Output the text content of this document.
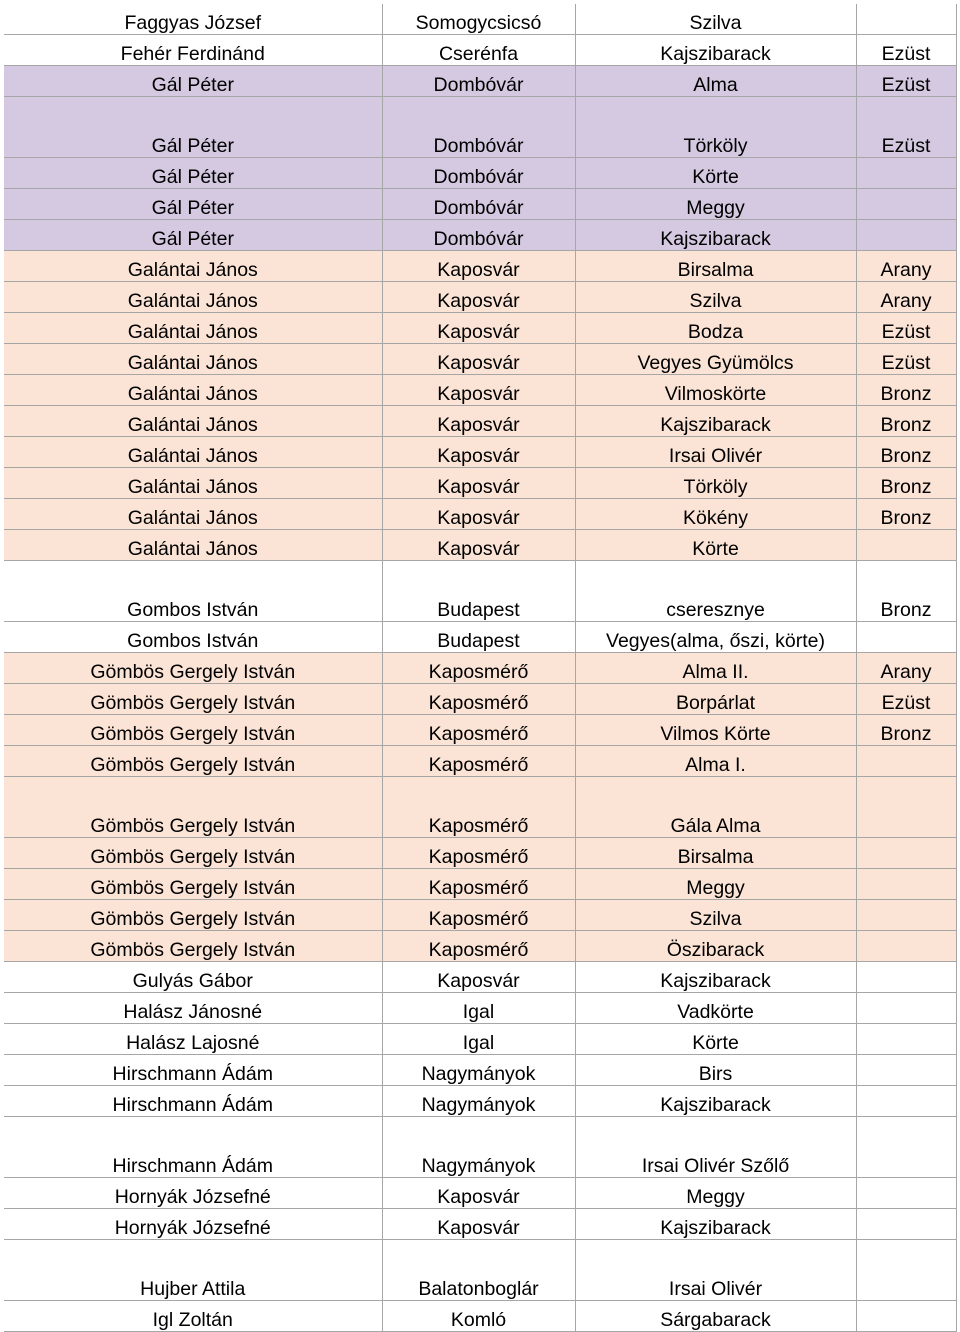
Faggyas József	Somogycsicsó	Szilva	
Fehér Ferdinánd	Cserénfa	Kajszibarack	Ezüst
Gál Péter	Dombóvár	Alma	Ezüst
Gál Péter	Dombóvár	Törköly	Ezüst
Gál Péter	Dombóvár	Körte	
Gál Péter	Dombóvár	Meggy	
Gál Péter	Dombóvár	Kajszibarack	
Galántai János	Kaposvár	Birsalma	Arany
Galántai János	Kaposvár	Szilva	Arany
Galántai János	Kaposvár	Bodza	Ezüst
Galántai János	Kaposvár	Vegyes Gyümölcs	Ezüst
Galántai János	Kaposvár	Vilmoskörte	Bronz
Galántai János	Kaposvár	Kajszibarack	Bronz
Galántai János	Kaposvár	Irsai Olivér	Bronz
Galántai János	Kaposvár	Törköly	Bronz
Galántai János	Kaposvár	Kökény	Bronz
Galántai János	Kaposvár	Körte	
Gombos István	Budapest	cseresznye	Bronz
Gombos István	Budapest	Vegyes(alma, őszi, körte)	
Gömbös Gergely István	Kaposmérő	Alma II.	Arany
Gömbös Gergely István	Kaposmérő	Borpárlat	Ezüst
Gömbös Gergely István	Kaposmérő	Vilmos Körte	Bronz
Gömbös Gergely István	Kaposmérő	Alma I.	
Gömbös Gergely István	Kaposmérő	Gála Alma	
Gömbös Gergely István	Kaposmérő	Birsalma	
Gömbös Gergely István	Kaposmérő	Meggy	
Gömbös Gergely István	Kaposmérő	Szilva	
Gömbös Gergely István	Kaposmérő	Öszibarack	
Gulyás Gábor	Kaposvár	Kajszibarack	
Halász Jánosné	Igal	Vadkörte	
Halász Lajosné	Igal	Körte	
Hirschmann Ádám	Nagymányok	Birs	
Hirschmann Ádám	Nagymányok	Kajszibarack	
Hirschmann Ádám	Nagymányok	Irsai Olivér Szőlő	
Hornyák Józsefné	Kaposvár	Meggy	
Hornyák Józsefné	Kaposvár	Kajszibarack	
Hujber Attila	Balatonboglár	Irsai Olivér	
Igl Zoltán	Komló	Sárgabarack	
